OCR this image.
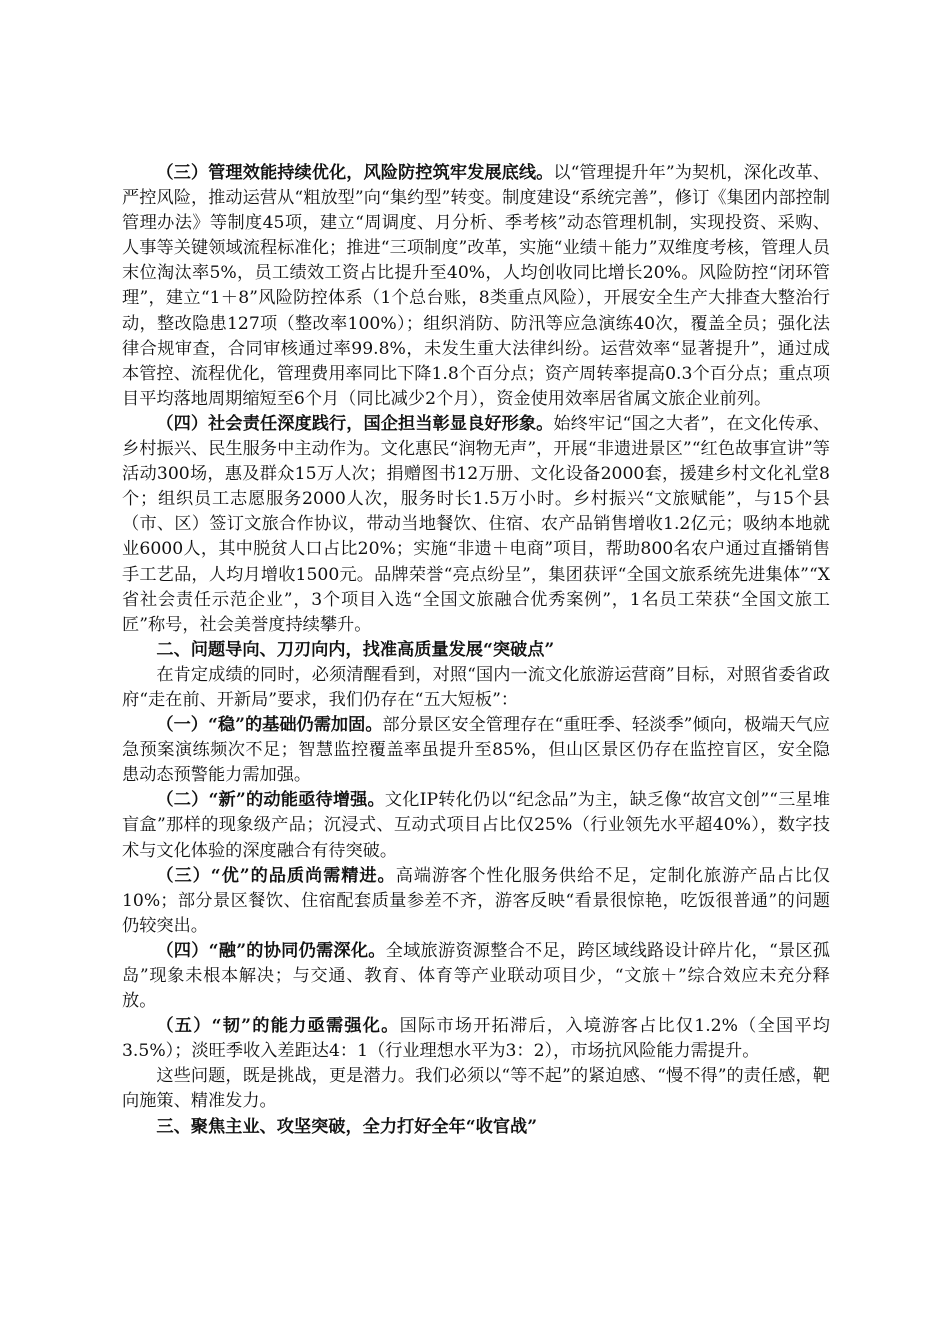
（三）管理效能持续优化，风险防控筑牢发展底线。以“管理提升年”为契机，深化改革、严控风险，推动运营从“粗放型”向“集约型”转变。制度建设“系统完善”，修订《集团内部控制管理办法》等制度45项，建立“周调度、月分析、季考核”动态管理机制，实现投资、采购、人事等关键领域流程标准化；推进“三项制度”改革，实施“业绩＋能力”双维度考核，管理人员末位淘汰率5%，员工绩效工资占比提升至40%，人均创收同比增长20%。风险防控“闭环管理”，建立“1＋8”风险防控体系（1个总台账，8类重点风险），开展安全生产大排查大整治行动，整改隐患127项（整改率100%）；组织消防、防汛等应急演练40次，覆盖全员；强化法律合规审查，合同审核通过率99.8%，未发生重大法律纠纷。运营效率“显著提升”，通过成本管控、流程优化，管理费用率同比下降1.8个百分点；资产周转率提高0.3个百分点；重点项目平均落地周期缩短至6个月（同比减少2个月），资金使用效率居省属文旅企业前列。

（四）社会责任深度践行，国企担当彰显良好形象。始终牢记“国之大者”，在文化传承、乡村振兴、民生服务中主动作为。文化惠民“润物无声”，开展“非遗进景区”“红色故事宣讲”等活动300场，惠及群众15万人次；捐赠图书12万册、文化设备2000套，援建乡村文化礼堂8个；组织员工志愿服务2000人次，服务时长1.5万小时。乡村振兴“文旅赋能”，与15个县（市、区）签订文旅合作协议，带动当地餐饮、住宿、农产品销售增收1.2亿元；吸纳本地就业6000人，其中脱贫人口占比20%；实施“非遗＋电商”项目，帮助800名农户通过直播销售手工艺品，人均月增收1500元。品牌荣誉“亮点纷呈”，集团获评“全国文旅系统先进集体”“X省社会责任示范企业”，3个项目入选“全国文旅融合优秀案例”，1名员工荣获“全国文旅工匠”称号，社会美誉度持续攀升。

二、问题导向、刀刃向内，找准高质量发展“突破点”

在肯定成绩的同时，必须清醒看到，对照“国内一流文化旅游运营商”目标，对照省委省政府“走在前、开新局”要求，我们仍存在“五大短板”：

（一）“稳”的基础仍需加固。部分景区安全管理存在“重旺季、轻淡季”倾向，极端天气应急预案演练频次不足；智慧监控覆盖率虽提升至85%，但山区景区仍存在监控盲区，安全隐患动态预警能力需加强。

（二）“新”的动能亟待增强。文化IP转化仍以“纪念品”为主，缺乏像“故宫文创”“三星堆盲盒”那样的现象级产品；沉浸式、互动式项目占比仅25%（行业领先水平超40%），数字技术与文化体验的深度融合有待突破。

（三）“优”的品质尚需精进。高端游客个性化服务供给不足，定制化旅游产品占比仅10%；部分景区餐饮、住宿配套质量参差不齐，游客反映“看景很惊艳，吃饭很普通”的问题仍较突出。

（四）“融”的协同仍需深化。全域旅游资源整合不足，跨区域线路设计碎片化，“景区孤岛”现象未根本解决；与交通、教育、体育等产业联动项目少，“文旅＋”综合效应未充分释放。

（五）“韧”的能力亟需强化。国际市场开拓滞后，入境游客占比仅1.2%（全国平均3.5%）；淡旺季收入差距达4：1（行业理想水平为3：2），市场抗风险能力需提升。

这些问题，既是挑战，更是潜力。我们必须以“等不起”的紧迫感、“慢不得”的责任感，靶向施策、精准发力。

三、聚焦主业、攻坚突破，全力打好全年“收官战”
